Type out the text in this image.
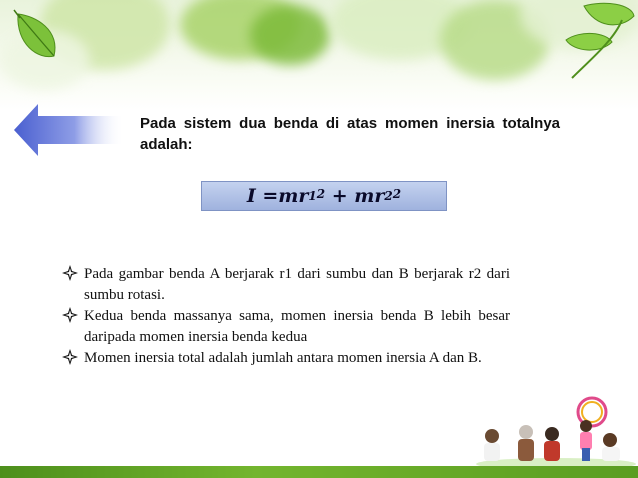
Pada sistem dua benda di atas momen inersia totalnya adalah:
I = mr $1^2$ + mr $2^2$
Pada gambar benda A berjarak r1 dari sumbu dan B berjarak r2 dari sumbu rotasi.
Kedua benda massanya sama, momen inersia benda B lebih besar daripada momen inersia benda kedua
Momen inersia total adalah jumlah antara momen inersia A dan B.
